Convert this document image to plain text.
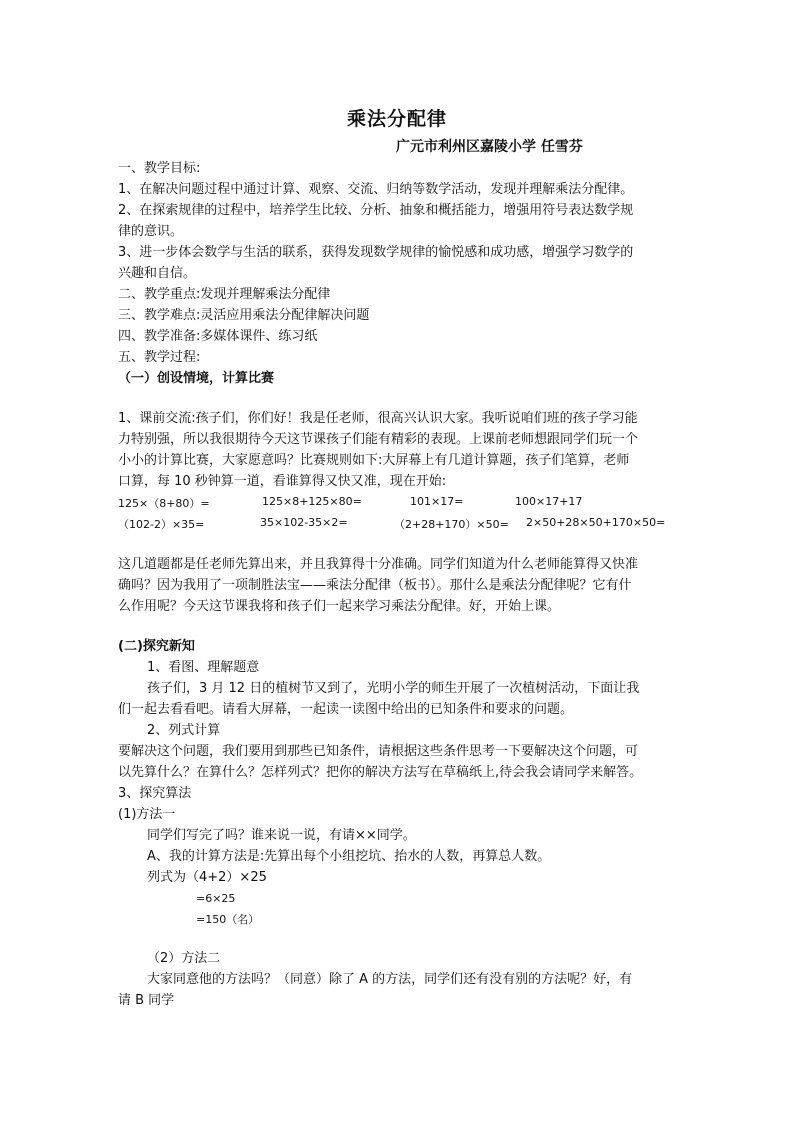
乘法分配律
广元市利州区嘉陵小学 任雪芬
一、教学目标:
1、在解决问题过程中通过计算、观察、交流、归纳等数学活动，发现并理解乘法分配律。
2、在探索规律的过程中，培养学生比较、分析、抽象和概括能力，增强用符号表达数学规
律的意识。
3、进一步体会数学与生活的联系，获得发现数学规律的愉悦感和成功感，增强学习数学的
兴趣和自信。
二、教学重点:发现并理解乘法分配律
三、教学难点:灵活应用乘法分配律解决问题
四、教学准备:多媒体课件、练习纸
五、教学过程:
（一）创设情境，计算比赛
1、课前交流:孩子们，你们好！我是任老师，很高兴认识大家。我听说咱们班的孩子学习能
力特别强，所以我很期待今天这节课孩子们能有精彩的表现。上课前老师想跟同学们玩一个
小小的计算比赛，大家愿意吗？比赛规则如下:大屏幕上有几道计算题，孩子们笔算，老师
口算，每 10 秒钟算一道，看谁算得又快又准，现在开始:
125×（8+80）=	125×8+125×80=	101×17=	100×17+17
（102-2）×35=	35×102-35×2=	（2+28+170）×50= 2×50+28×50+170×50=
这几道题都是任老师先算出来，并且我算得十分准确。同学们知道为什么老师能算得又快准
确吗？因为我用了一项制胜法宝——乘法分配律（板书）。那什么是乘法分配律呢？它有什
么作用呢？今天这节课我将和孩子们一起来学习乘法分配律。好，开始上课。
(二)探究新知
1、看图、理解题意
孩子们，3 月 12 日的植树节又到了，光明小学的师生开展了一次植树活动，下面让我
们一起去看看吧。请看大屏幕，一起读一读图中给出的已知条件和要求的问题。
2、列式计算
要解决这个问题，我们要用到那些已知条件，请根据这些条件思考一下要解决这个问题，可
以先算什么？在算什么？怎样列式？把你的解决方法写在草稿纸上,待会我会请同学来解答。
3、探究算法
(1)方法一
同学们写完了吗？谁来说一说，有请××同学。
A、我的计算方法是:先算出每个小组挖坑、抬水的人数，再算总人数。
列式为（4+2）×25
=6×25
=150（名）
（2）方法二
大家同意他的方法吗？（同意）除了 A 的方法，同学们还有没有别的方法呢？好，有
请 B 同学
